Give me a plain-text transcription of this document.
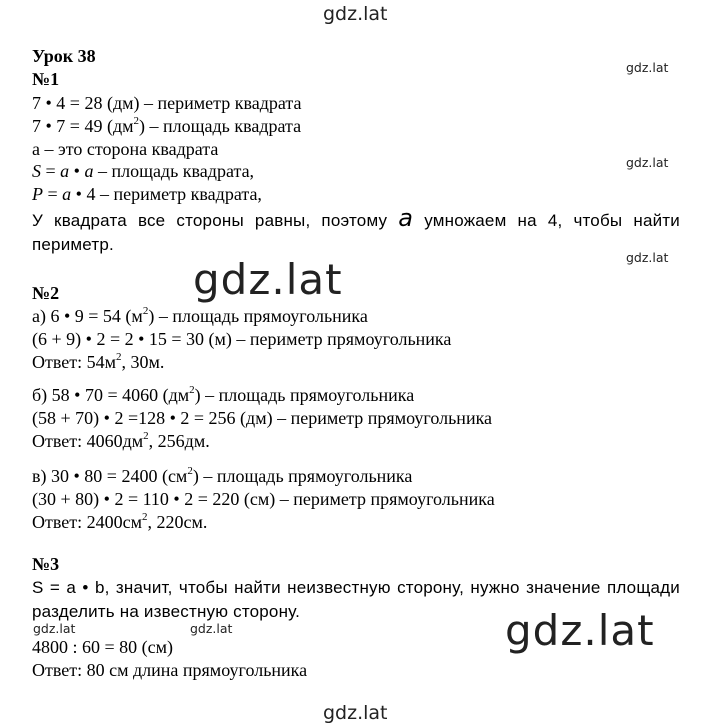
gdz.lat
gdz.lat
gdz.lat
gdz.lat
gdz.lat
gdz.lat	gdz.lat	gdz.lat
gdz.lat
Урок 38
№1
7 • 4 = 28 (дм) – периметр квадрата
7 • 7 = 49 $(дм^2)$ – площадь квадрата
а – это сторона квадрата
S = a • a – площадь квадрата,
P = a • 4 – периметр квадрата,
У квадрата все стороны равны, поэтому a умножаем на 4, чтобы найти периметр.
№2
а) 6 • 9 = 54 $(м^2)$ – площадь прямоугольника
(6 + 9) • 2 = 2 • 15 = 30 (м) – периметр прямоугольника
Ответ: $54м^2$, 30м.
б) 58 • 70 = 4060 $(дм^2)$ – площадь прямоугольника
(58 + 70) • 2 =128 • 2 = 256 (дм) – периметр прямоугольника
Ответ: $4060дм^2$, 256дм.
в) 30 • 80 = 2400 $(см^2)$ – площадь прямоугольника
(30 + 80) • 2 = 110 • 2 = 220 (см) – периметр прямоугольника
Ответ: $2400см^2$, 220см.
№3
S = a • b, значит, чтобы найти неизвестную сторону, нужно значение площади разделить на известную сторону.
4800 : 60 = 80 (см)
Ответ: 80 см длина прямоугольника
